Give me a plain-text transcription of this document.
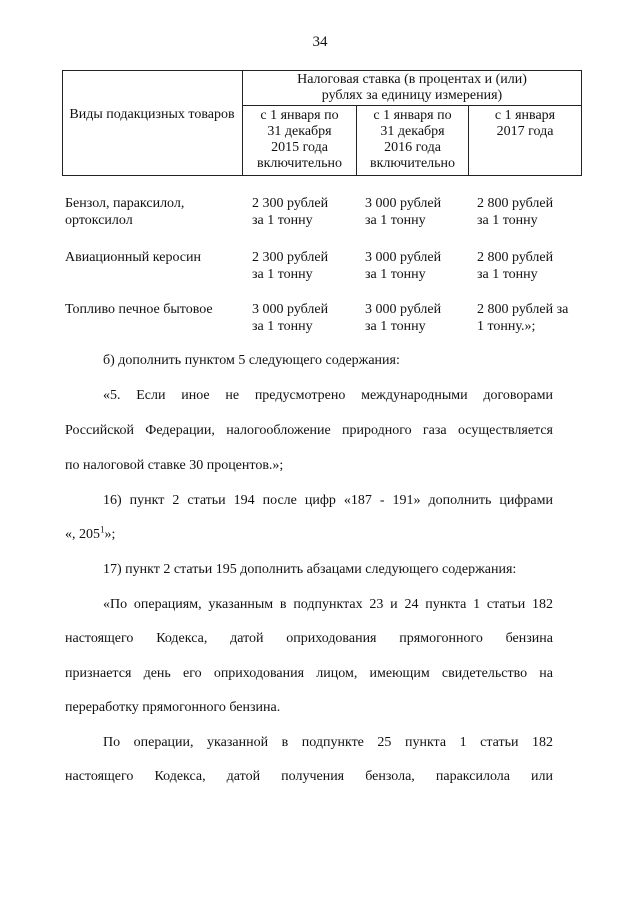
34
Виды подакцизных товаров
Налоговая ставка (в процентах и (или)
рублях за единицу измерения)
с 1 января по
31 декабря
2015 года
включительно
с 1 января по
31 декабря
2016 года
включительно
с 1 января
2017 года
Бензол, параксилол,
ортоксилол
2 300 рублей
за 1 тонну
3 000 рублей
за 1 тонну
2 800 рублей
за 1 тонну
Авиационный керосин	2 300 рублей
за 1 тонну
3 000 рублей
за 1 тонну
2 800 рублей
за 1 тонну
Топливо печное бытовое	3 000 рублей
за 1 тонну
3 000 рублей
за 1 тонну
2 800 рублей за
1 тонну.»;
б) дополнить пунктом 5 следующего содержания:
«5. Если иное не предусмотрено международными договорами
Российской Федерации, налогообложение природного газа осуществляется
по налоговой ставке 30 процентов.»;
16) пункт 2 статьи 194 после цифр «187 - 191» дополнить цифрами
«, $205^1$»;
17) пункт 2 статьи 195 дополнить абзацами следующего содержания:
«По операциям, указанным в подпунктах 23 и 24 пункта 1 статьи 182
настоящего Кодекса, датой оприходования прямогонного бензина
признается день его оприходования лицом, имеющим свидетельство на
переработку прямогонного бензина.
По операции, указанной в подпункте 25 пункта 1 статьи 182
настоящего Кодекса, датой получения бензола, параксилола или
